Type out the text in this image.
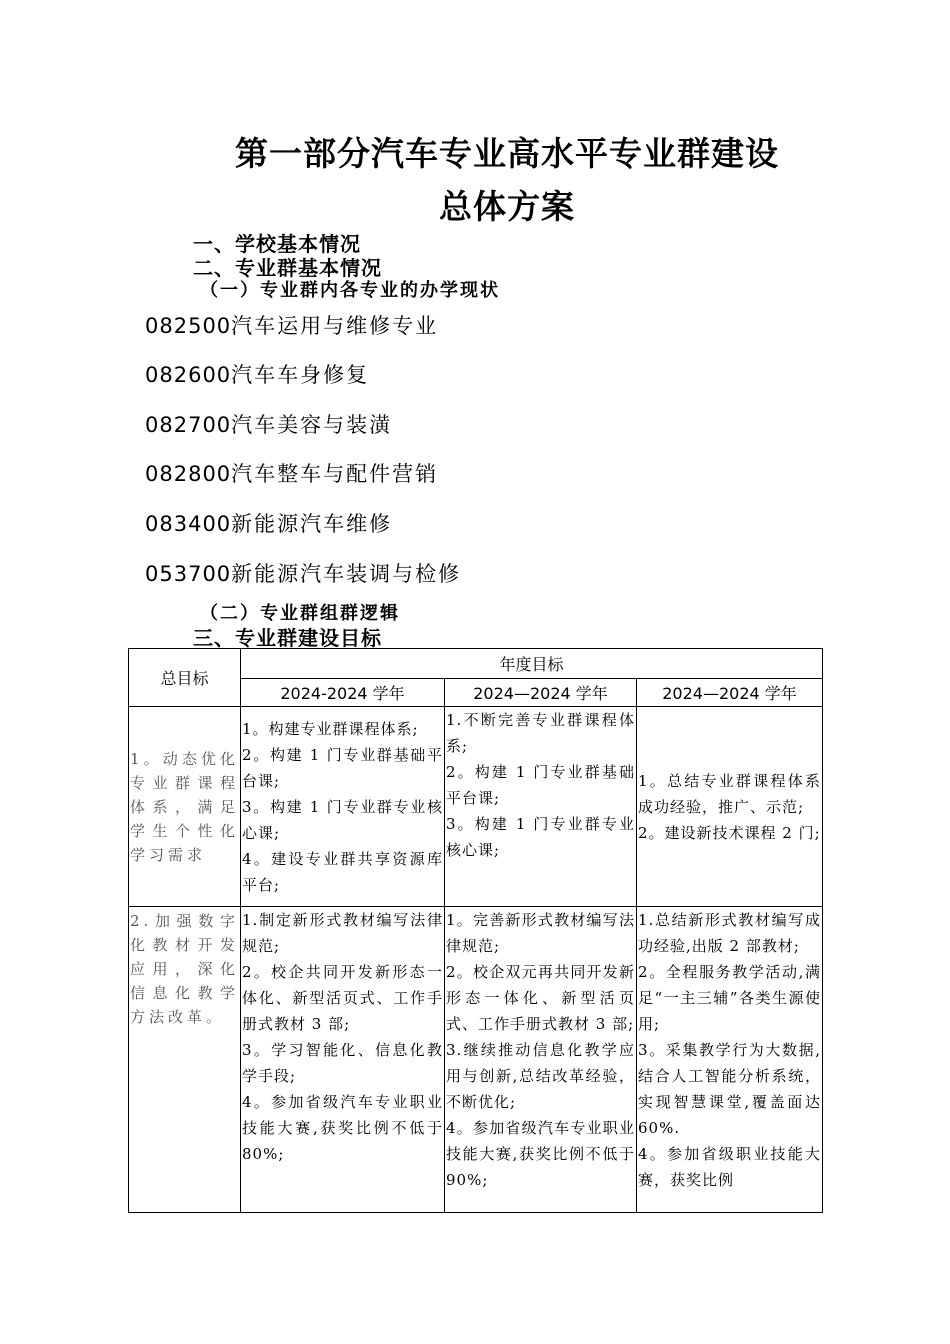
第一部分汽车专业高水平专业群建设
总体方案
一、学校基本情况
二、专业群基本情况
（一）专业群内各专业的办学现状
082500汽车运用与维修专业
082600汽车车身修复
082700汽车美容与装潢
082800汽车整车与配件营销
083400新能源汽车维修
053700新能源汽车装调与检修
（二）专业群组群逻辑
三、专业群建设目标
总目标	年度目标		
	2024-2024 学年	2024—2024 学年	2024—2024 学年
1。动态优化专业群课程体系，满足学生个性化学习需求	1。构建专业群课程体系;
2。构建 1 门专业群基础平台课;
3。构建 1 门专业群专业核心课;
4。建设专业群共享资源库平台;	1.不断完善专业群课程体系;
2。构建 1 门专业群基础平台课;
3。构建 1 门专业群专业核心课;	1。总结专业群课程体系成功经验，推广、示范;
2。建设新技术课程 2 门;

2.加强数字化教材开发应用，深化信息化教学方法改革。	1.制定新形式教材编写法律规范;
2。校企共同开发新形态一体化、新型活页式、工作手册式教材 3 部;
3。学习智能化、信息化教学手段;
4。参加省级汽车专业职业技能大赛,获奖比例不低于 80%;	1。完善新形式教材编写法律规范;
2。校企双元再共同开发新形态一体化、新型活页式、工作手册式教材 3 部;
3.继续推动信息化教学应用与创新,总结改革经验，不断优化;
4。参加省级汽车专业职业技能大赛,获奖比例不低于 90%;	1.总结新形式教材编写成功经验,出版 2 部教材;
2。全程服务教学活动,满足“一主三辅”各类生源使用;
3。采集教学行为大数据,结合人工智能分析系统，实现智慧课堂,覆盖面达 60%.
4。参加省级职业技能大赛，获奖比例
